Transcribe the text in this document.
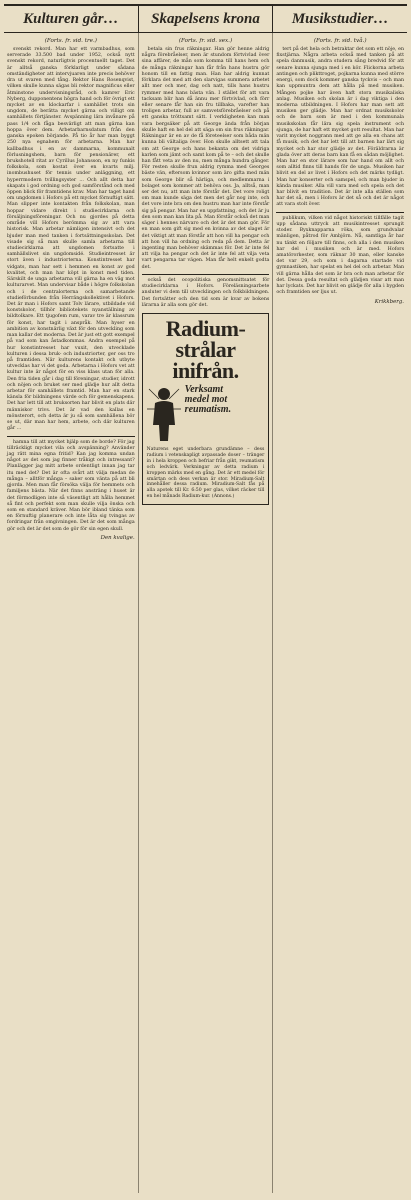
Kulturen går…	Skapelsens krona	Musikstudier…
(Forts. fr. sid. tre.)

svenskt rekord. Man har ett varmbadhus, som serverade 33.500 bad under 1952, också nytt svenskt rekord, naturligtvis procentuellt taget. Det är alltså ganska förklarligt under sådana omständigheter att intervjuaren inte precis behöver dra ut svaren med tång. Rektor Hans Rosenqvist, vilken skulle kunna sägas bli rektor magnificus eller åtminstone undervisningsråd, och kamrer Eric Nyberg, dupponentens högra hand och för övrigt ett mycket av en klockarfar i samhället trots sin ungdom, de berätta mycket gärna och villigt om samhällets förtjänster. Avspänning lära invånare på pass 1/4 och fåga besvärligt att man gärna kan hoppa över dem. Arbetarbarnsdatum från den ganska epoken börjande. På tio år har man byggt 250 nya egnahem för arbetarna. Man har kallbadhus i en av dammarna, kommunalt förlusningshem, barn för pensionärer, ett brukshotell ritat av Cyrillus Johansson, en ny funkis folkskola, som kostat över en kvarts milj. inombushuset för tennis under anläggning, ett hyperrmodern tvillingsyster ... Och allt detta har skapats i god ordning och god samförstånd och med öppen blick för framtidens krav. Man har taget hand om ungdomen i Hofors på ett mycket förnuftigt sätt. Man slipper inte kontakten från folkskolan, man hoppar vidare direkt i studiecirklarna och försäljningsföreningar. Och nu gjordes på detta område vill Hofors berömma sig av att vara historisk. Man arbetar nämligen intensivt och det bjuder man med tanken i fortsättningsskolan. Det visade sig så man skulle samla arbetarna till studiecirklarna att ungdomen fortsatte i samhällslivet sin ungdomsidé. Studieintresset är stort även i industriorterna. Konstintresset har vidgats, man har sett i hemmen en konst av god kvalitet, och man har köpt in konst med tiden. Särskilt de unga arbetarna vill gärna ha en väg mot kulturarvet. Man undervisar både i högre folkskolan och i de centralorterna och samarbetande studieförbunden från Herrängskollektivet i Hofors. Det är man i Hofors samt Tolv lärare, utbildade vid konstskolor, tillhör bibliotekets nyanställning av bildtolkare. Ett tjugofem rum, varav tre är klassrum för konst, har tagit i anspråk. Man hyser en ambition av konstnärlig växt för den utveckling som man kallar det moderna. Det är just ett gott exempel på vad som kan åstadkommas. Andra exempel på hur konstintresset har vuxit, den utvecklade kulturen i dessa bruk- och industriorter, ger oss tro på framtiden. När kulturens kontakt och utbyte utvecklas har vi det goda. Arbetarna i Hofors vet att kultur inte är något för en viss klass utan för alla. Den fria tiden går i dag till föreningar, studier, idrott och nöjen och bruket ser med glädje hur allt detta arbetar för samhällets framtid. Man har en stark känsla för bildningens värde och för gemenskapens. Det har lett till att bruksorten har blivit en plats där människor trivs. Det är vad den kallas en mönsterort, och detta är ju så som samhällena bör se ut, där man har hem, arbete, och där kulturen går …

hamna till att mycket hjälp som de borde? För jag tillräckligt mycket vila och avspänning? Använder jag rätt mina egna fritid? Kan jag komma undan något av det som jag finner tråkigt och intressant? Planlägger jag mitt arbete ordentligt innan jag tar itu med det? Det är ofta svårt att välja medan de många – alltför många – saker som vänta på att bli gjorda. Men man får försöka välja för hemmets och familjens bästa. När det finns ansträng i huset är det förmodligen inte så väsentligt att hålla hemmet så fint och perfekt som man skulle vilja önska och som en standard kräver. Man bör ibland tänka som en förnuftig planerare och inte låta sig tvingas av fordringar från omgivningen. Det är det som många gör och det är det som de gör för sin egen skull.

Den kvalige.
(Forts. fr. sid. sex.)

betala sin frus räkningar. Han gör henne aldrig några förebråelser, men är stundom förtvivlad över sina affärer, de mån som komma till hans hem och de många räkningar han får från hans hustru gör honom till en fattig man. Han har aldrig kunnat förklara det med att den slarvigas summera arbetet allt mer och mer, dag och natt, tills hans hustru rymmer med hans bästa vän. I stället för att vara tacksam blir han då ännu mer förtvivlad, och förr eller senare får han sin fru tillbaka, varefter han troligen arbetar, full av samvetsförebråelser och på ett ganska tröttsamt sätt. I verkligheten kan man vara bergsäker på att George ända från början skulle haft en hel del att säga om sin frus räkningar. Räkningar är en av de få företeelser som båda män kunna bli vältaliga över. Hon skulle alltsett att tala om att George och hans bekanta om det vidriga karlen som jämt och samt kom på te – och det skulle han fått veta av den nu, men många hundra gånger. För resten skulle frun aldrig rymma med Georges bäste vän, eftersom kvinnor som äro gifta med män som George blir så härliga, och medlemmarna i bolaget som kommer att behöva oss. Ja, alltså, man ser det nu, att man inte förstår det. Det vore roligt om man kunde säga det men det går nog inte, och det vore inte bra om den hustru man har inte förstår sig på pengar. Man har en uppfattning, och det är ju den som man kan lita på. Man förstår också det man säger i hennes närvaro och det är det man gör. För en man som gift sig med en kvinna av det slaget är det viktigt att man förstår att hon vill ha pengar och att hon vill ha ordning och reda på dem. Detta är ingenting man behöver skämmas för. Det är inte fel att vilja ha pengar och det är inte fel att vilja veta vart pengarna tar vägen. Man får helt enkelt godta det.

också det ocopolitiska genomsnittsatet för studiecirklarna i Hofors. Föreläsningsarbete ansluter vi dem till utvecklingen och folkbildningen. Det fortsätter och den tid som är kvar av bokens lärarna är alla som gör det.

Radium-
strålar
inifrån.
Verksamt medel mot reumatism.
Naturens eget underbara grundämne – dess radium i vetenskapligt avpassade doser – tränger in i hela kroppen och befriar från gikt, reumatism och ledvärk. Verkningar av detta radium i kroppen märks med en gång. Det är ett medel för smärtan och dess verkan är stor. Miradium-Salt innehåller dessa radium. Miradium-Salt fås på alla apotek till Kr. 6:50 per glas, vilket räcker till en hel månads Radium-kur. (Annons.)
(Forts. fr. sid. två.)

tert på det hela och betraktar det som ett nöje, en fixstjärna. Några arbeta också med tanken på att spela danmusik, andra studera sång bredvid för att senare kunna sjunga med i en kör. Flickorna arbeta antingen och plikttroget, pojkarna kunna med större energi, som dock kommer ganska tyckvis – och man kan uppmuntra dem att hålla på med musiken. Mången pojke har även haft stora musikaliska anlag. Musiken och skolan är i dag viktiga i den moderna utbildningen. I Hofors har man sett att musiken ger glädje. Man har ordnat musikskolor och de barn som är med i den kommunala musikskolan får lära sig spela instrument och sjunga, de har haft ett mycket gott resultat. Man har varit mycket noggrann med att ge alla en chans att få musik, och det har lett till att barnen har lärt sig mycket och har stor glädje av det. Föräldrarna är glada över att deras barn kan få en sådan möjlighet. Man har en stor lärare som har hand om allt och som alltid finns till hands för de unga. Musiken har blivit en del av livet i Hofors och det märks tydligt. Man har konserter och samspel, och man bjuder in kända musiker. Alla vill vara med och spela och det har blivit en tradition. Det är inte alla ställen som har det så, men i Hofors är det så och det är något att vara stolt över.

publikum, vilken vid något historiskt tillfälle tagit upp sådana uttryck att musikintresset sprungit stoder. Byxknapparna röka, som grundvalar mänligen, påtrod för Ambjörn. Nå, samtliga år har nu tänkt en följare till finns, och alla i den musiken har del i musiken och är med. Hofors amatörorkester, som räknar 30 man, eller kanske det var 29, och som i dagarna startade vid gymnastiken, har spelat en hel del och arbetar. Man vill gärna hålla det som är bra och man arbetar för det. Dessa goda resultat och glädjen visar att man har lyckats. Det har blivit en glädje för alla i bygden och framtiden ser ljus ut.

Krikkberg.
